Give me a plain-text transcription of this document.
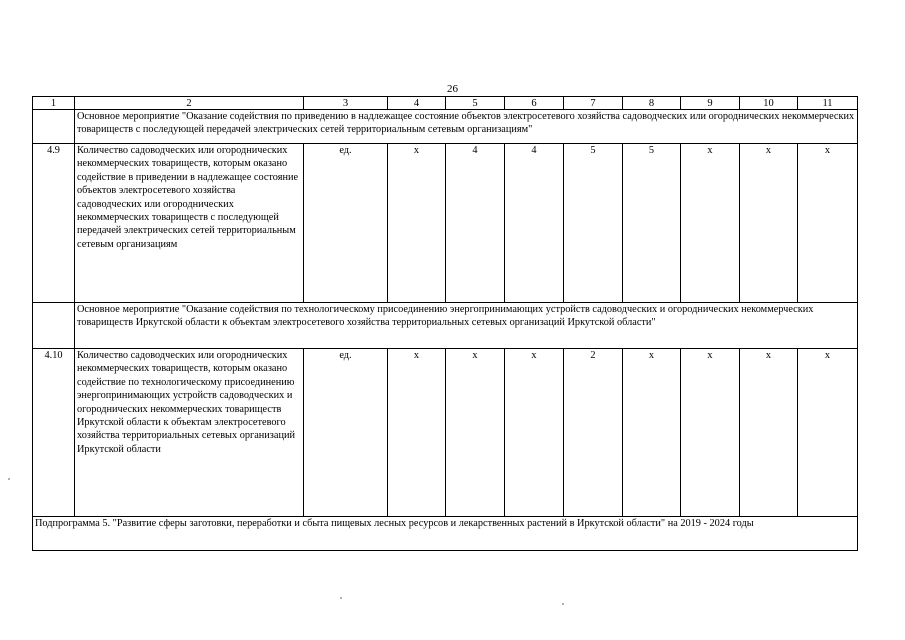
26
1	2	3	4	5	6	7	8	9	10	11
	Основное мероприятие "Оказание содействия по приведению в надлежащее состояние объектов электросетевого хозяйства садоводческих или огороднических некоммерческих товариществ с последующей передачей электрических сетей территориальным сетевым организациям"									
4.9	Количество садоводческих или огороднических некоммерческих товариществ, которым оказано содействие в приведении в надлежащее состояние объектов электросетевого хозяйства садоводческих или огороднических некоммерческих товариществ с последующей передачей электрических сетей территориальным сетевым организациям	ед.	х	4	4	5	5	х	х	х
	Основное мероприятие "Оказание содействия по технологическому присоединению энергопринимающих устройств садоводческих и огороднических некоммерческих товариществ Иркутской области к объектам электросетевого хозяйства территориальных сетевых организаций Иркутской области"									
4.10	Количество садоводческих или огороднических некоммерческих товариществ, которым оказано содействие по технологическому присоединению энергопринимающих устройств садоводческих и огороднических некоммерческих товариществ Иркутской области к объектам электросетевого хозяйства территориальных сетевых организаций Иркутской области	ед.	х	х	х	2	х	х	х	х
Подпрограмма 5. "Развитие сферы заготовки, переработки и сбыта пищевых лесных ресурсов и лекарственных растений в Иркутской области" на 2019 - 2024 годы										
